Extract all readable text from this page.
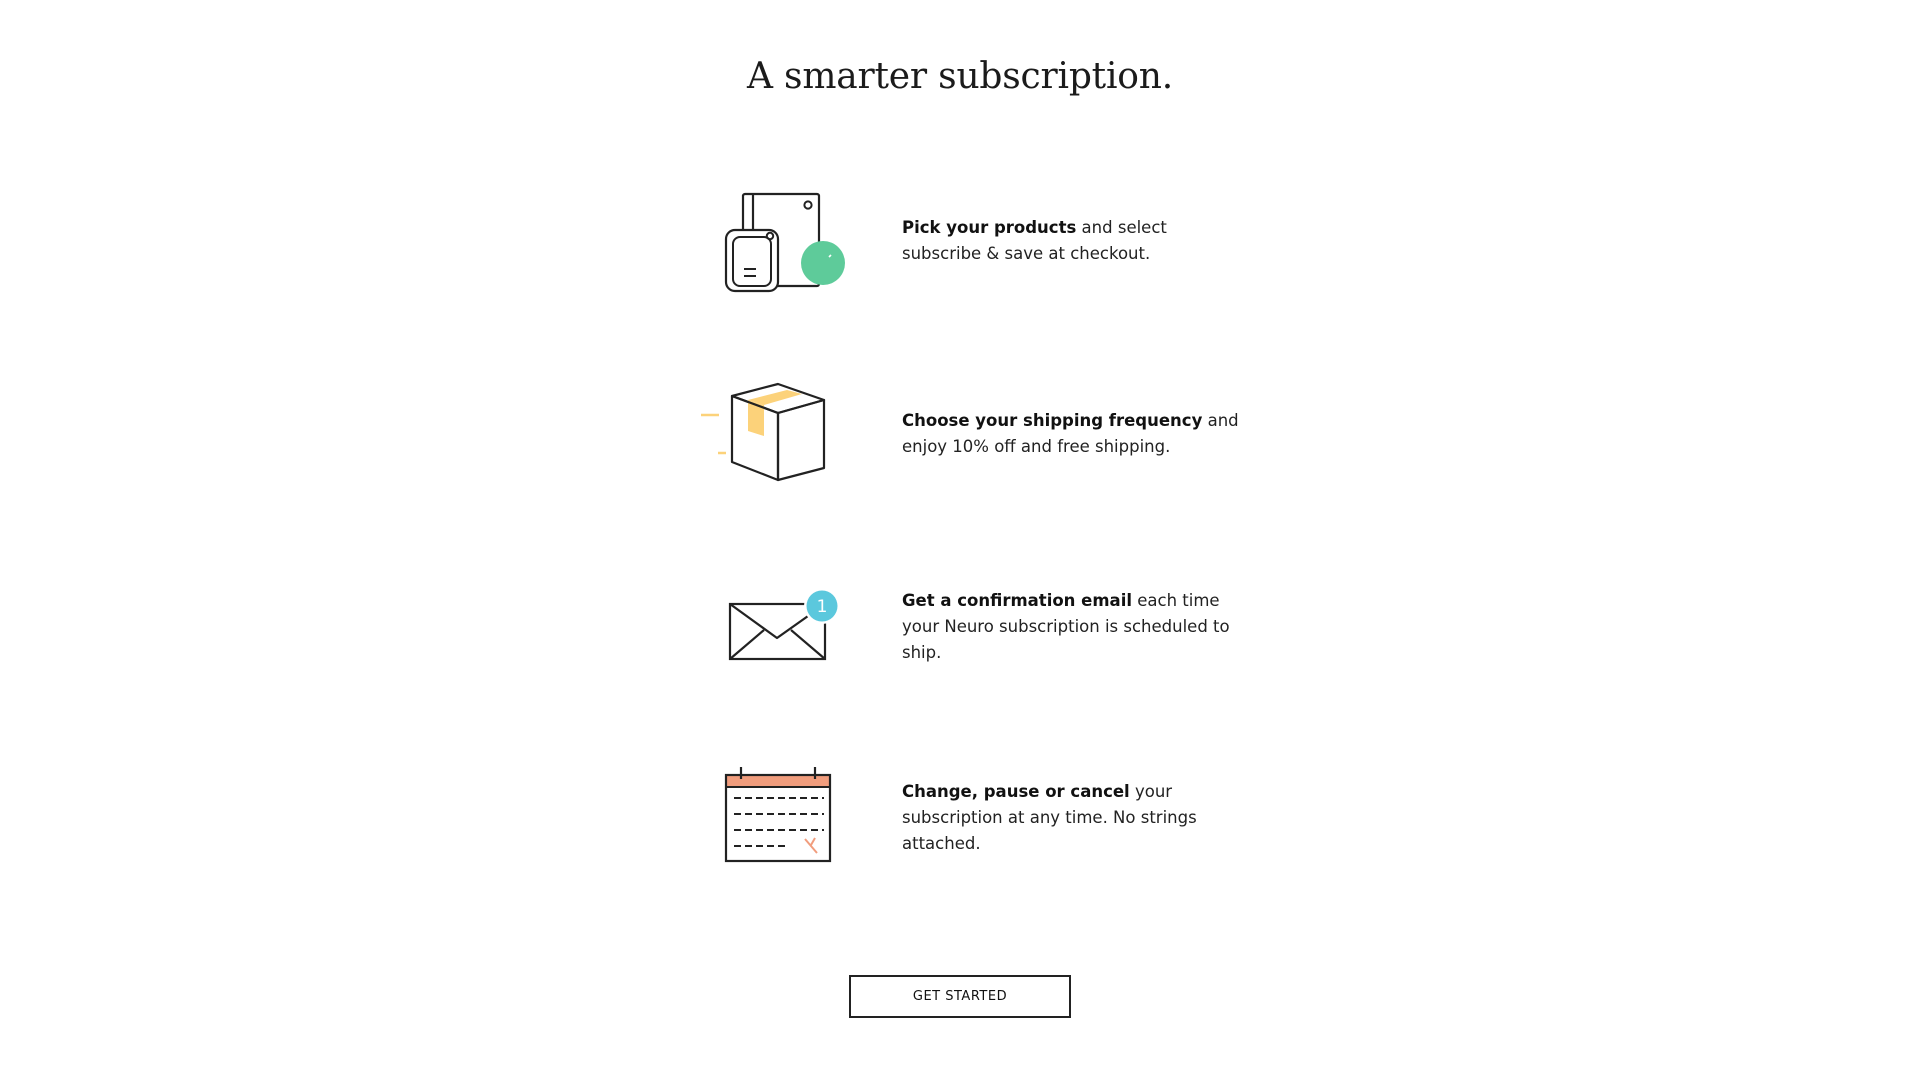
A smarter subscription.
Pick your products and select subscribe & save at checkout.
Choose your shipping frequency and enjoy 10% off and free shipping.
1	Get a confirmation email each time your Neuro subscription is scheduled to ship.
Change, pause or cancel your subscription at any time. No strings attached.
GET STARTED
